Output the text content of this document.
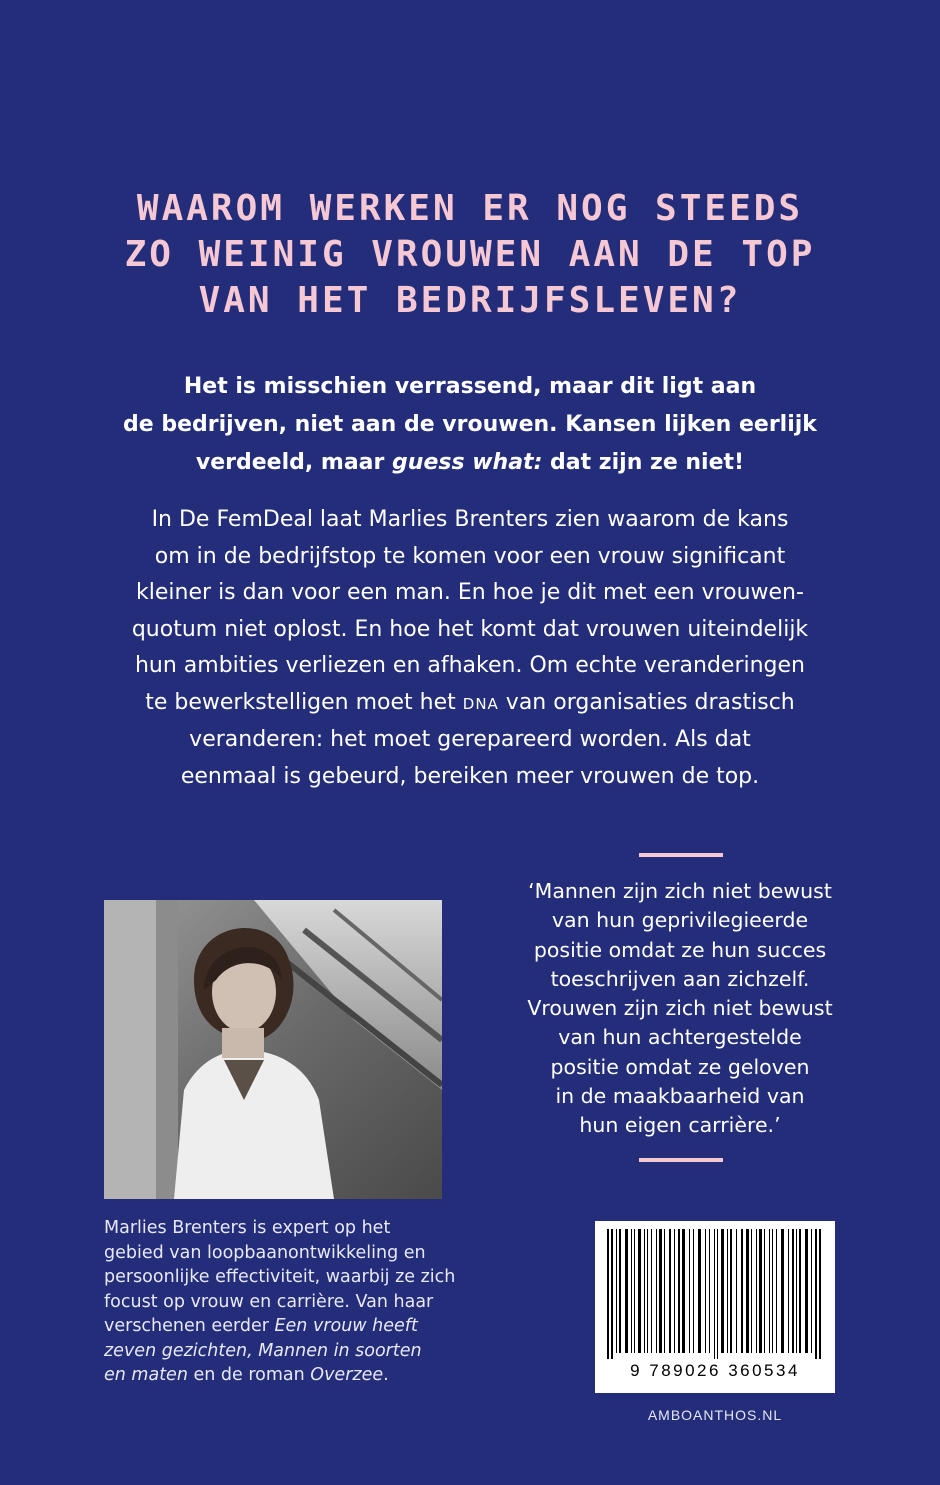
WAAROM WERKEN ER NOG STEEDS
ZO WEINIG VROUWEN AAN DE TOP
VAN HET BEDRIJFSLEVEN?

Het is misschien verrassend, maar dit ligt aan
de bedrijven, niet aan de vrouwen. Kansen lijken eerlijk
verdeeld, maar guess what: dat zijn ze niet!

In De FemDeal laat Marlies Brenters zien waarom de kans
om in de bedrijfstop te komen voor een vrouw significant
kleiner is dan voor een man. En hoe je dit met een vrouwen-
quotum niet oplost. En hoe het komt dat vrouwen uiteindelijk
hun ambities verliezen en afhaken. Om echte veranderingen
te bewerkstelligen moet het DNA van organisaties drastisch
veranderen: het moet gerepareerd worden. Als dat
eenmaal is gebeurd, bereiken meer vrouwen de top.

‘Mannen zijn zich niet bewust
van hun geprivilegieerde
positie omdat ze hun succes
toeschrijven aan zichzelf.
Vrouwen zijn zich niet bewust
van hun achtergestelde
positie omdat ze geloven
in de maakbaarheid van
hun eigen carrière.’

Marlies Brenters is expert op het
gebied van loopbaanontwikkeling en
persoonlijke effectiviteit, waarbij ze zich
focust op vrouw en carrière. Van haar
verschenen eerder Een vrouw heeft
zeven gezichten, Mannen in soorten
en maten en de roman Overzee.	9 789026 360534
AMBOANTHOS.NL
